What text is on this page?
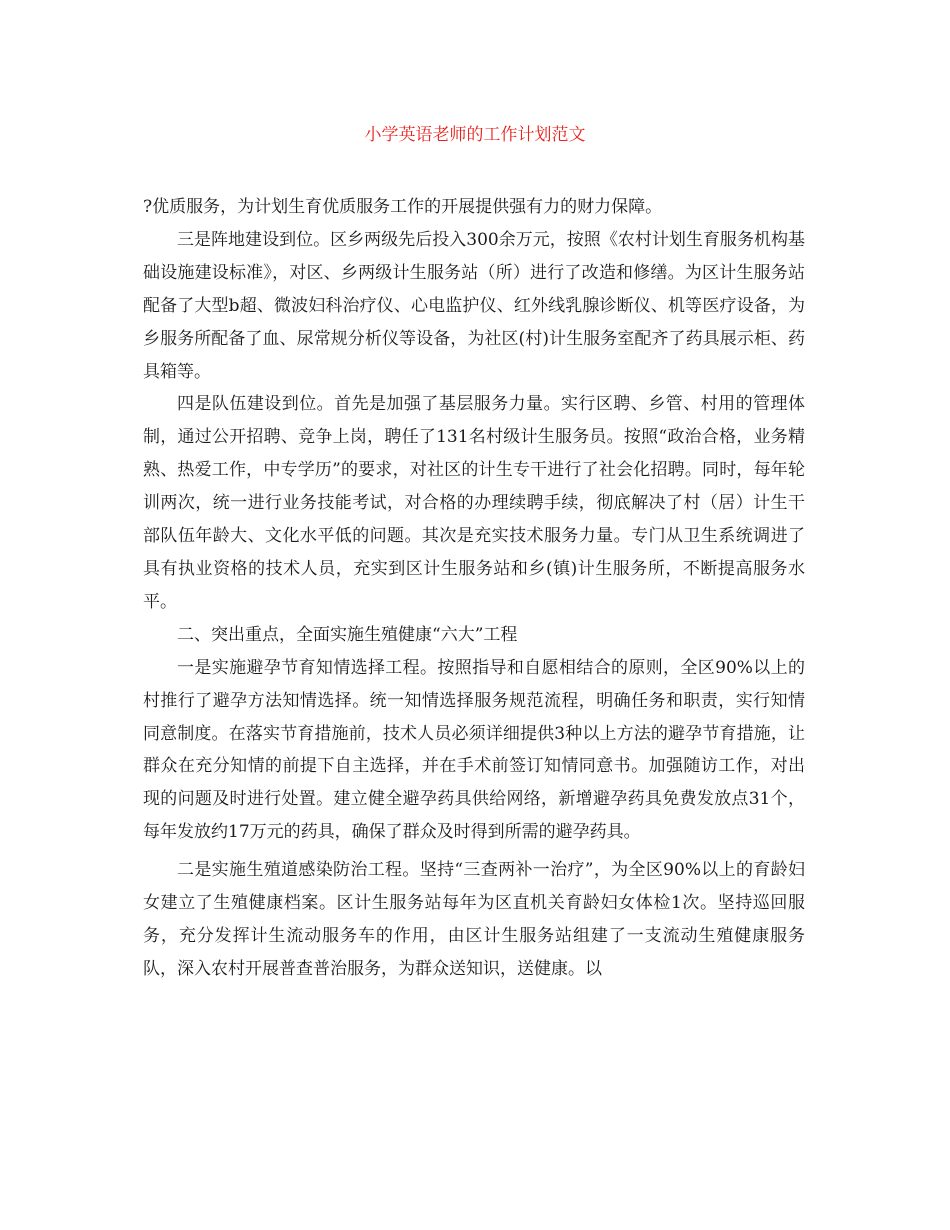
小学英语老师的工作计划范文

?优质服务，为计划生育优质服务工作的开展提供强有力的财力保障。

三是阵地建设到位。区乡两级先后投入300余万元，按照《农村计划生育服务机构基础设施建设标准》，对区、乡两级计生服务站（所）进行了改造和修缮。为区计生服务站配备了大型b超、微波妇科治疗仪、心电监护仪、红外线乳腺诊断仪、机等医疗设备，为乡服务所配备了血、尿常规分析仪等设备，为社区(村)计生服务室配齐了药具展示柜、药具箱等。

四是队伍建设到位。首先是加强了基层服务力量。实行区聘、乡管、村用的管理体制，通过公开招聘、竞争上岗，聘任了131名村级计生服务员。按照“政治合格，业务精熟、热爱工作，中专学历”的要求，对社区的计生专干进行了社会化招聘。同时，每年轮训两次，统一进行业务技能考试，对合格的办理续聘手续，彻底解决了村（居）计生干部队伍年龄大、文化水平低的问题。其次是充实技术服务力量。专门从卫生系统调进了具有执业资格的技术人员，充实到区计生服务站和乡(镇)计生服务所，不断提高服务水平。

二、突出重点，全面实施生殖健康“六大”工程

一是实施避孕节育知情选择工程。按照指导和自愿相结合的原则，全区90%以上的村推行了避孕方法知情选择。统一知情选择服务规范流程，明确任务和职责，实行知情同意制度。在落实节育措施前，技术人员必须详细提供3种以上方法的避孕节育措施，让群众在充分知情的前提下自主选择，并在手术前签订知情同意书。加强随访工作，对出现的问题及时进行处置。建立健全避孕药具供给网络，新增避孕药具免费发放点31个，每年发放约17万元的药具，确保了群众及时得到所需的避孕药具。

二是实施生殖道感染防治工程。坚持“三查两补一治疗”，为全区90%以上的育龄妇女建立了生殖健康档案。区计生服务站每年为区直机关育龄妇女体检1次。坚持巡回服务，充分发挥计生流动服务车的作用，由区计生服务站组建了一支流动生殖健康服务队，深入农村开展普查普治服务，为群众送知识，送健康。以
